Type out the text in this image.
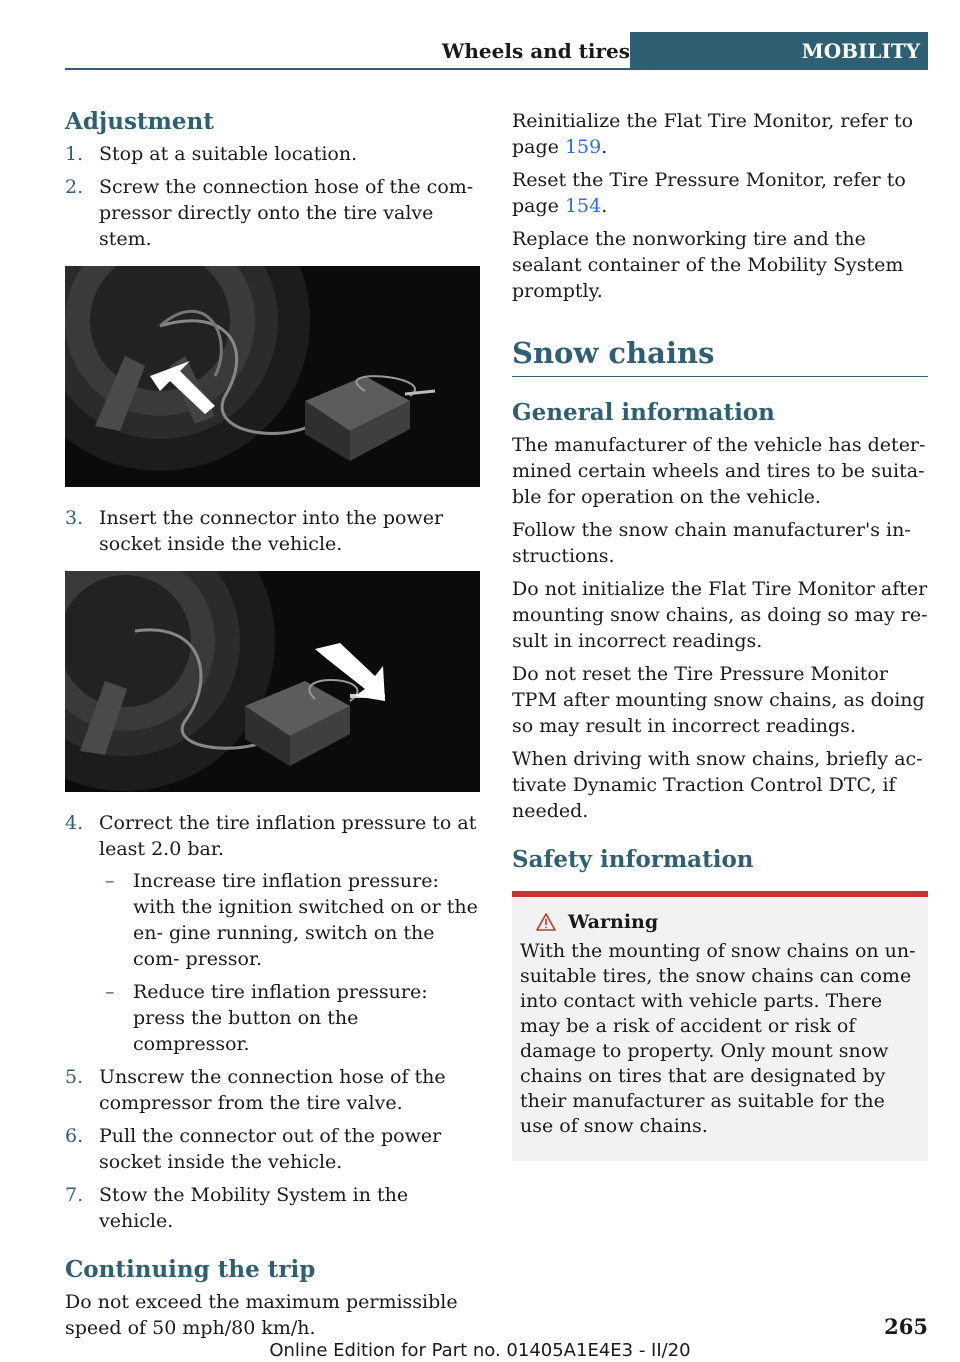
Wheels and tires	MOBILITY
Adjustment
1. Stop at a suitable location.
2. Screw the connection hose of the com‐ pressor directly onto the tire valve stem.
3. Insert the connector into the power socket inside the vehicle.
4. Correct the tire inflation pressure to at least 2.0 bar.
– Increase tire inflation pressure: with the ignition switched on or the en‐ gine running, switch on the com‐ pressor.
– Reduce tire inflation pressure: press the button on the compressor.
5. Unscrew the connection hose of the compressor from the tire valve.
6. Pull the connector out of the power socket inside the vehicle.
7. Stow the Mobility System in the vehicle.
Continuing the trip

Do not exceed the maximum permissible speed of 50 mph/80 km/h.

Reinitialize the Flat Tire Monitor, refer to page 159.

Reset the Tire Pressure Monitor, refer to page 154.

Replace the nonworking tire and the sealant container of the Mobility System promptly.

Snow chains
General information

The manufacturer of the vehicle has deter‐ mined certain wheels and tires to be suita‐ ble for operation on the vehicle.

Follow the snow chain manufacturer's in‐ structions.

Do not initialize the Flat Tire Monitor after mounting snow chains, as doing so may re‐ sult in incorrect readings.

Do not reset the Tire Pressure Monitor TPM after mounting snow chains, as doing so may result in incorrect readings.

When driving with snow chains, briefly ac‐ tivate Dynamic Traction Control DTC, if needed.

Safety information
Warning

With the mounting of snow chains on un‐ suitable tires, the snow chains can come into contact with vehicle parts. There may be a risk of accident or risk of damage to property. Only mount snow chains on tires that are designated by their manufacturer as suitable for the use of snow chains.

265
Online Edition for Part no. 01405A1E4E3 - II/20
